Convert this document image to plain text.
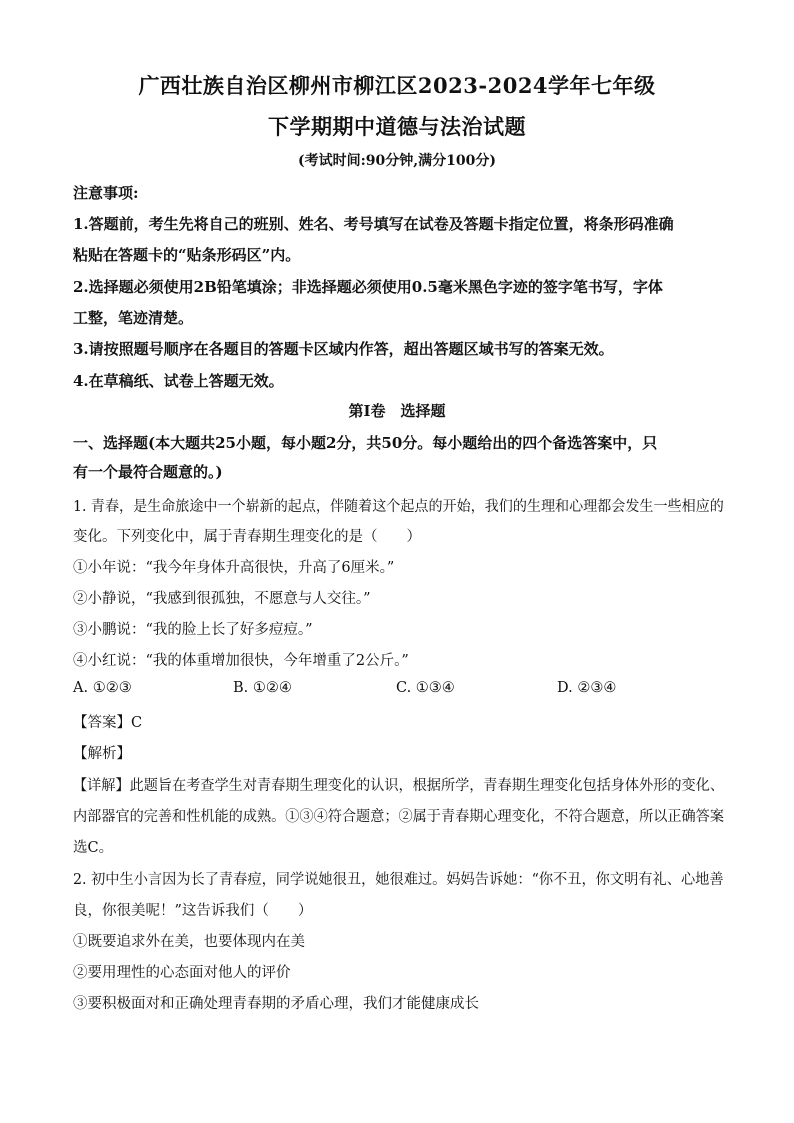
广西壮族自治区柳州市柳江区2023-2024学年七年级
下学期期中道德与法治试题
(考试时间:90分钟,满分100分)
注意事项:
1.答题前，考生先将自己的班别、姓名、考号填写在试卷及答题卡指定位置，将条形码准确
粘贴在答题卡的“贴条形码区”内。
2.选择题必须使用2B铅笔填涂；非选择题必须使用0.5毫米黑色字迹的签字笔书写，字体
工整，笔迹清楚。
3.请按照题号顺序在各题目的答题卡区域内作答，超出答题区域书写的答案无效。
4.在草稿纸、试卷上答题无效。
第Ⅰ卷　选择题
一、选择题(本大题共25小题，每小题2分，共50分。每小题给出的四个备选答案中，只
有一个最符合题意的。)
1. 青春，是生命旅途中一个崭新的起点，伴随着这个起点的开始，我们的生理和心理都会发生一些相应的
变化。下列变化中，属于青春期生理变化的是（　　）
①小年说：“我今年身体升高很快，升高了6厘米。”
②小静说，“我感到很孤独，不愿意与人交往。”
③小鹏说：“我的脸上长了好多痘痘。”
④小红说：“我的体重增加很快，今年增重了2公斤。”
A. ①②③	B. ①②④	C. ①③④	D. ②③④
【答案】C
【解析】
【详解】此题旨在考查学生对青春期生理变化的认识，根据所学，青春期生理变化包括身体外形的变化、
内部器官的完善和性机能的成熟。①③④符合题意；②属于青春期心理变化，不符合题意，所以正确答案
选C。
2. 初中生小言因为长了青春痘，同学说她很丑，她很难过。妈妈告诉她：“你不丑，你文明有礼、心地善
良，你很美呢！”这告诉我们（　　）
①既要追求外在美，也要体现内在美
②要用理性的心态面对他人的评价
③要积极面对和正确处理青春期的矛盾心理，我们才能健康成长
